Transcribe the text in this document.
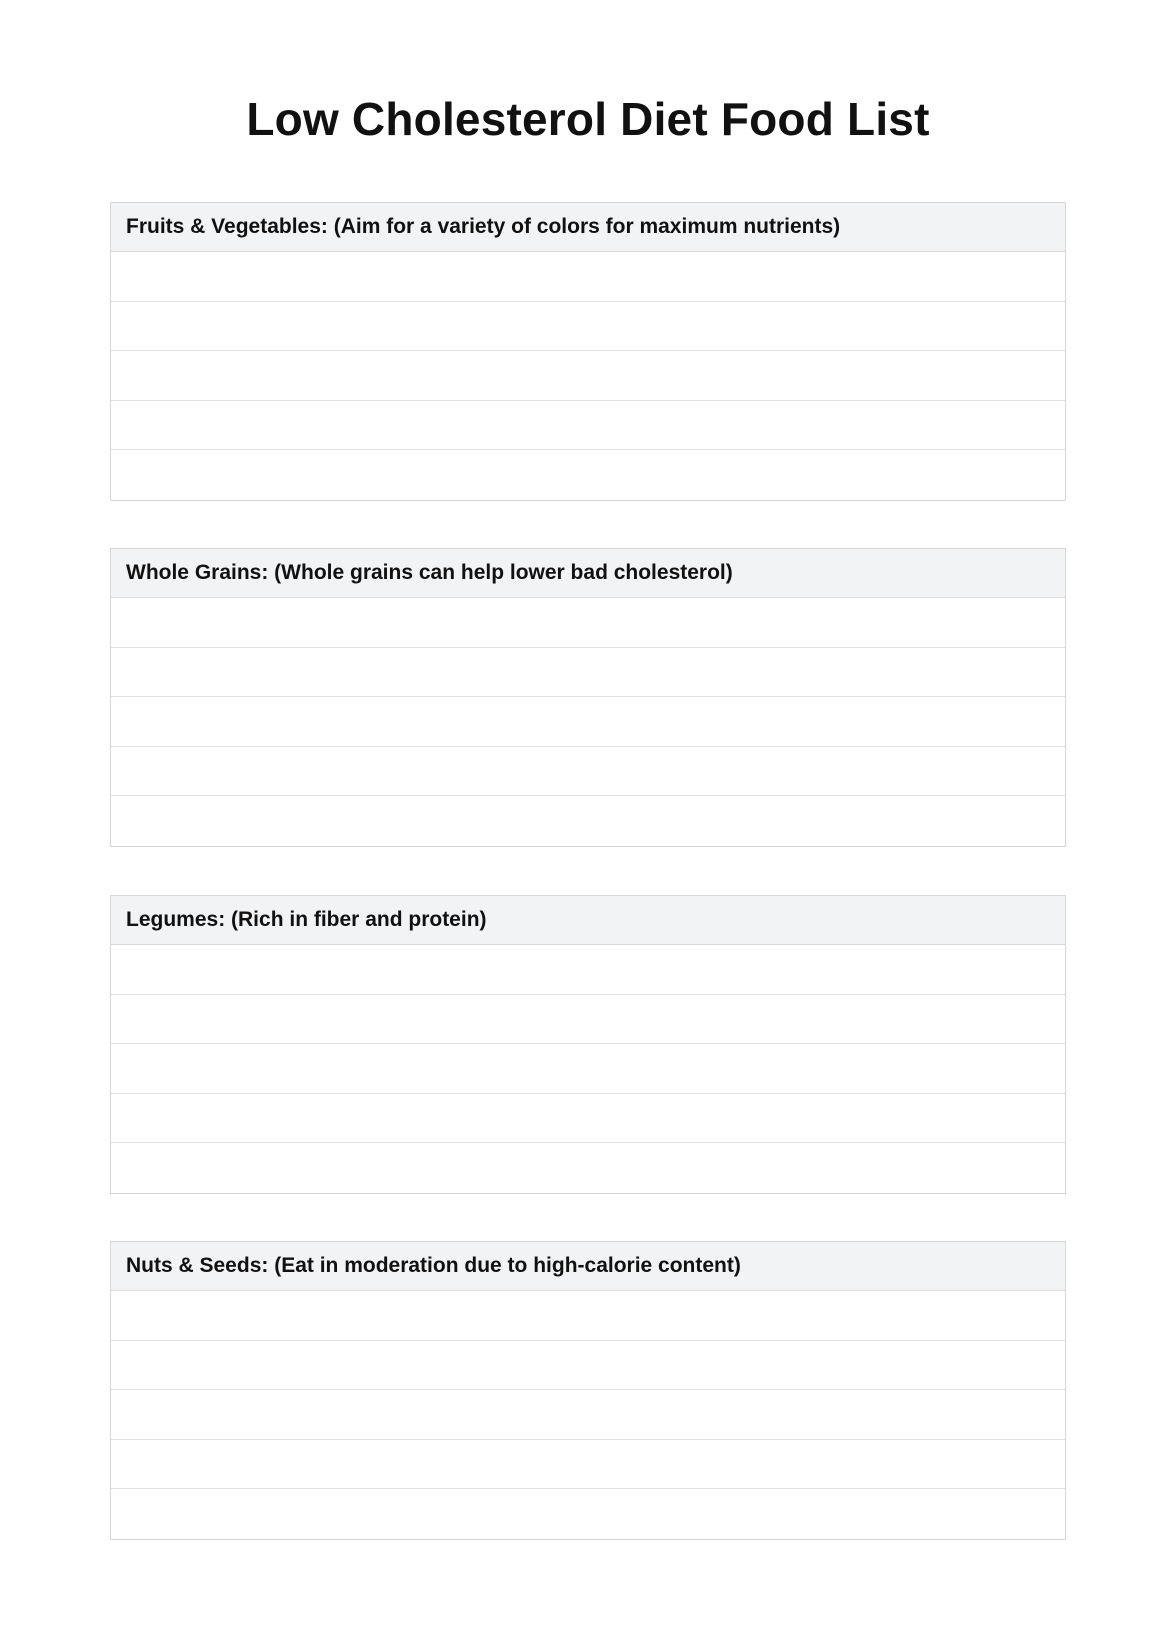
Low Cholesterol Diet Food List
Fruits & Vegetables: (Aim for a variety of colors for maximum nutrients)
Whole Grains: (Whole grains can help lower bad cholesterol)
Legumes: (Rich in fiber and protein)
Nuts & Seeds: (Eat in moderation due to high-calorie content)
